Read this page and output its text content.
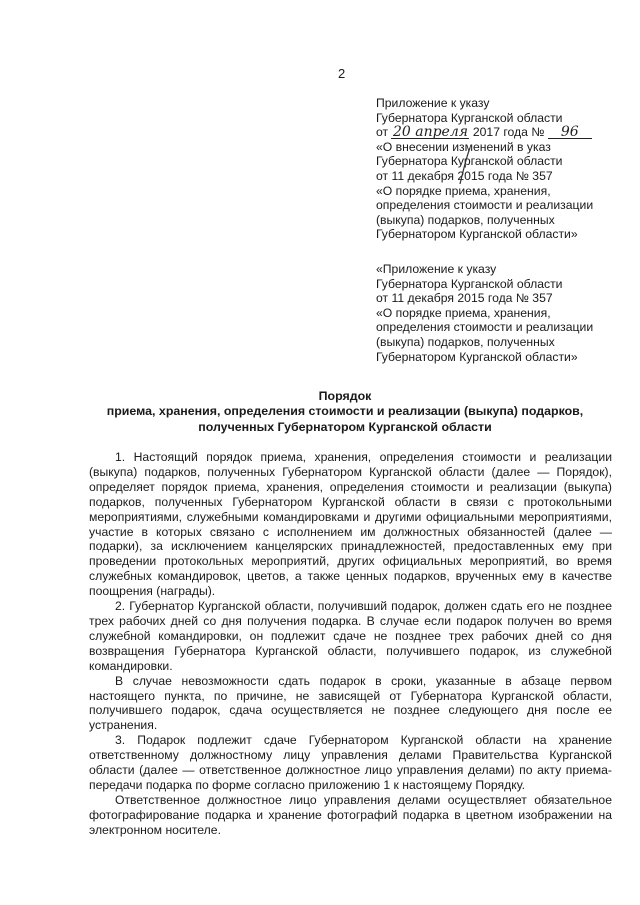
2
Приложение к указу
Губернатора Курганской области
от 20 апреля 2017 года № 96
«О внесении изменений в указ
Губернатора Курганской области
от 11 декабря 2015 года № 357
«О порядке приема, хранения,
определения стоимости и реализации
(выкупа) подарков, полученных
Губернатором Курганской области»
«Приложение к указу
Губернатора Курганской области
от 11 декабря 2015 года № 357
«О порядке приема, хранения,
определения стоимости и реализации
(выкупа) подарков, полученных
Губернатором Курганской области»
Порядок
приема, хранения, определения стоимости и реализации (выкупа) подарков,
полученных Губернатором Курганской области

1. Настоящий порядок приема, хранения, определения стоимости и реализации (выкупа) подарков, полученных Губернатором Курганской области (далее — Порядок), определяет порядок приема, хранения, определения стоимости и реализации (выкупа) подарков, полученных Губернатором Курганской области в связи с протокольными мероприятиями, служебными командировками и другими официальными мероприятиями, участие в которых связано с исполнением им должностных обязанностей (далее — подарки), за исключением канцелярских принадлежностей, предоставленных ему при проведении протокольных мероприятий, других официальных мероприятий, во время служебных командировок, цветов, а также ценных подарков, врученных ему в качестве поощрения (награды).

2. Губернатор Курганской области, получивший подарок, должен сдать его не позднее трех рабочих дней со дня получения подарка. В случае если подарок получен во время служебной командировки, он подлежит сдаче не позднее трех рабочих дней со дня возвращения Губернатора Курганской области, получившего подарок, из служебной командировки.

В случае невозможности сдать подарок в сроки, указанные в абзаце первом настоящего пункта, по причине, не зависящей от Губернатора Курганской области, получившего подарок, сдача осуществляется не позднее следующего дня после ее устранения.

3. Подарок подлежит сдаче Губернатором Курганской области на хранение ответственному должностному лицу управления делами Правительства Курганской области (далее — ответственное должностное лицо управления делами) по акту приема-передачи подарка по форме согласно приложению 1 к настоящему Порядку.

Ответственное должностное лицо управления делами осуществляет обязательное фотографирование подарка и хранение фотографий подарка в цветном изображении на электронном носителе.
